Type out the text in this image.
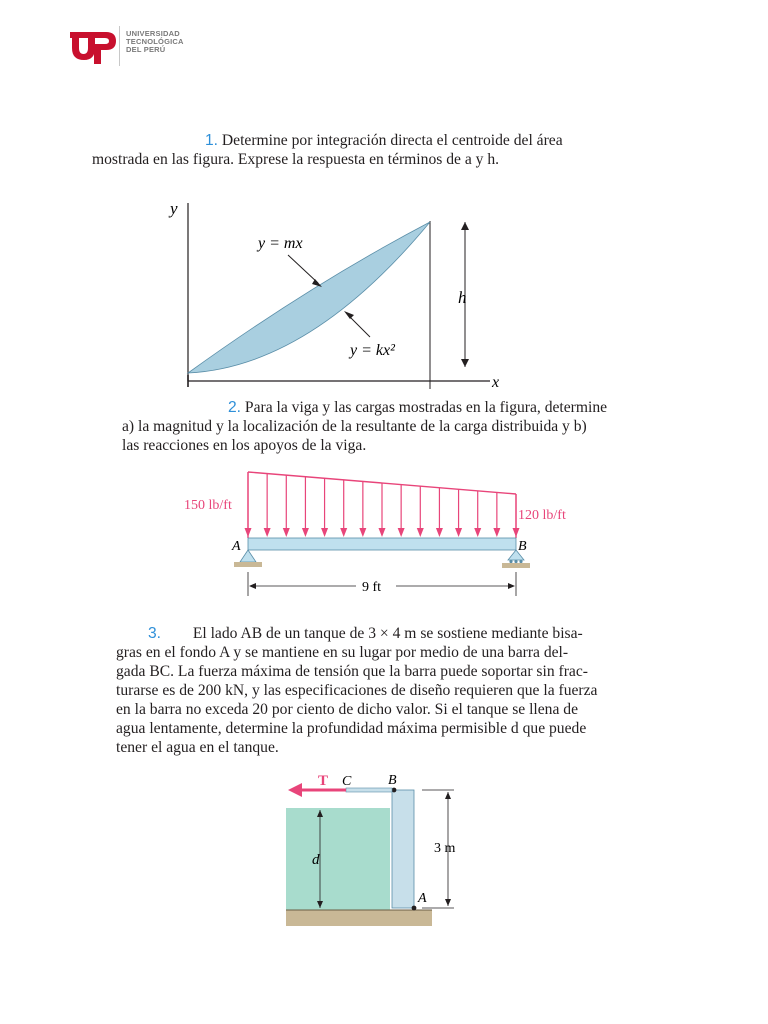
UNIVERSIDAD
TECNOLÓGICA
DEL PERÚ
1. Determine por integración directa el centroide del área
mostrada en las figura. Exprese la respuesta en términos de a y h.
y
x
y = mx
y = kx²
h
2. Para la viga y las cargas mostradas en la figura, determine
a) la magnitud y la localización de la resultante de la carga distribuida y b)
las reacciones en los apoyos de la viga.
150 lb/ft
120 lb/ft
A	B
9 ft
3. El lado AB de un tanque de 3 × 4 m se sostiene mediante bisa-
gras en el fondo A y se mantiene en su lugar por medio de una barra del-
gada BC. La fuerza máxima de tensión que la barra puede soportar sin frac-
turarse es de 200 kN, y las especificaciones de diseño requieren que la fuerza
en la barra no exceda 20 por ciento de dicho valor. Si el tanque se llena de
agua lentamente, determine la profundidad máxima permisible d que puede
tener el agua en el tanque.
T C	B
A
d
3 m
